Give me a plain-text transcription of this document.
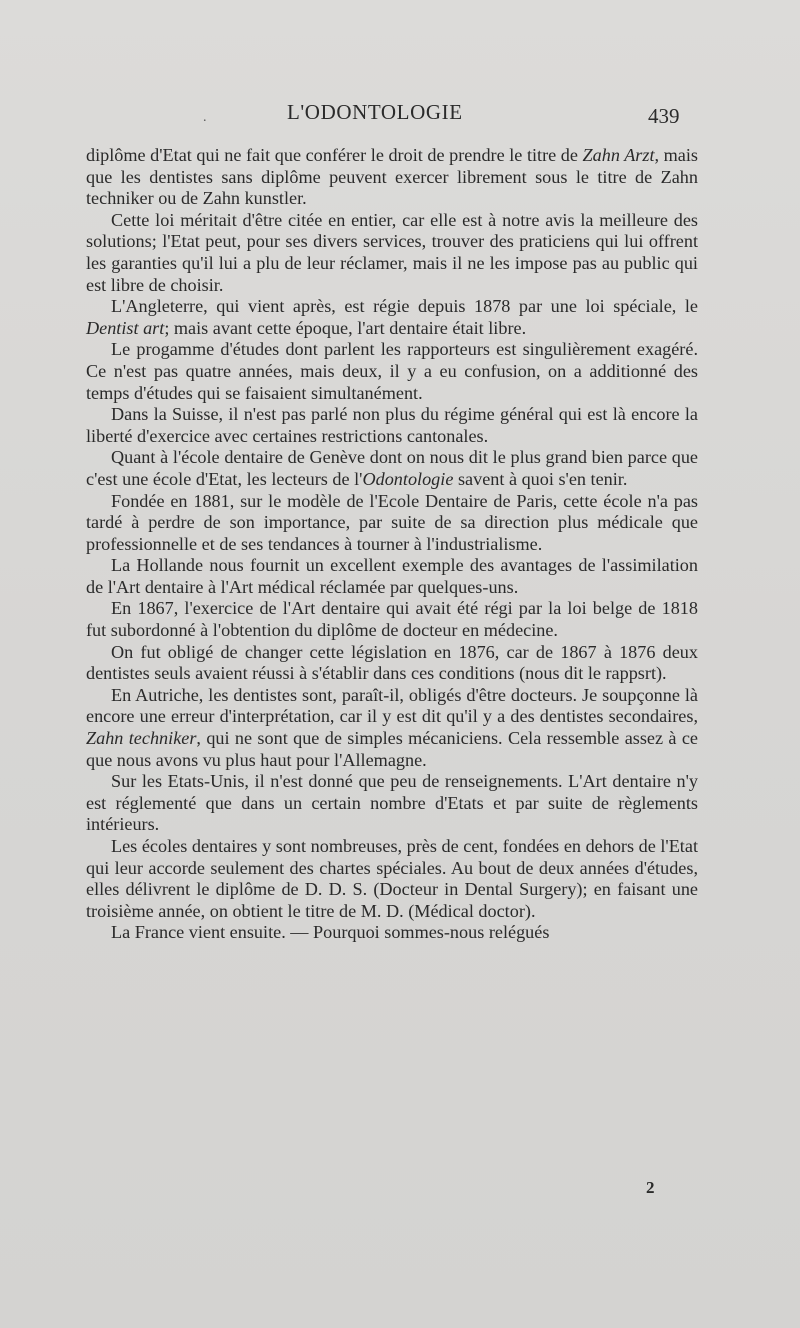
.	L'ODONTOLOGIE	439

diplôme d'Etat qui ne fait que conférer le droit de prendre le titre de Zahn Arzt, mais que les dentistes sans diplôme peuvent exercer librement sous le titre de Zahn techniker ou de Zahn kunstler.

Cette loi méritait d'être citée en entier, car elle est à notre avis la meilleure des solutions; l'Etat peut, pour ses divers services, trouver des praticiens qui lui offrent les garanties qu'il lui a plu de leur réclamer, mais il ne les impose pas au public qui est libre de choisir.

L'Angleterre, qui vient après, est régie depuis 1878 par une loi spéciale, le Dentist art; mais avant cette époque, l'art dentaire était libre.

Le progamme d'études dont parlent les rapporteurs est singulièrement exagéré. Ce n'est pas quatre années, mais deux, il y a eu confusion, on a additionné des temps d'études qui se faisaient simultanément.

Dans la Suisse, il n'est pas parlé non plus du régime général qui est là encore la liberté d'exercice avec certaines restrictions cantonales.

Quant à l'école dentaire de Genève dont on nous dit le plus grand bien parce que c'est une école d'Etat, les lecteurs de l'Odontologie savent à quoi s'en tenir.

Fondée en 1881, sur le modèle de l'Ecole Dentaire de Paris, cette école n'a pas tardé à perdre de son importance, par suite de sa direction plus médicale que professionnelle et de ses tendances à tourner à l'industrialisme.

La Hollande nous fournit un excellent exemple des avantages de l'assimilation de l'Art dentaire à l'Art médical réclamée par quelques-uns.

En 1867, l'exercice de l'Art dentaire qui avait été régi par la loi belge de 1818 fut subordonné à l'obtention du diplôme de docteur en médecine.

On fut obligé de changer cette législation en 1876, car de 1867 à 1876 deux dentistes seuls avaient réussi à s'établir dans ces conditions (nous dit le rappsrt).

En Autriche, les dentistes sont, paraît-il, obligés d'être docteurs. Je soupçonne là encore une erreur d'interprétation, car il y est dit qu'il y a des dentistes secondaires, Zahn techniker, qui ne sont que de simples mécaniciens. Cela ressemble assez à ce que nous avons vu plus haut pour l'Allemagne.

Sur les Etats-Unis, il n'est donné que peu de renseignements. L'Art dentaire n'y est réglementé que dans un certain nombre d'Etats et par suite de règlements intérieurs.

Les écoles dentaires y sont nombreuses, près de cent, fondées en dehors de l'Etat qui leur accorde seulement des chartes spéciales. Au bout de deux années d'études, elles délivrent le diplôme de D. D. S. (Docteur in Dental Surgery); en faisant une troisième année, on obtient le titre de M. D. (Médical doctor).

La France vient ensuite. — Pourquoi sommes-nous relégués

2
